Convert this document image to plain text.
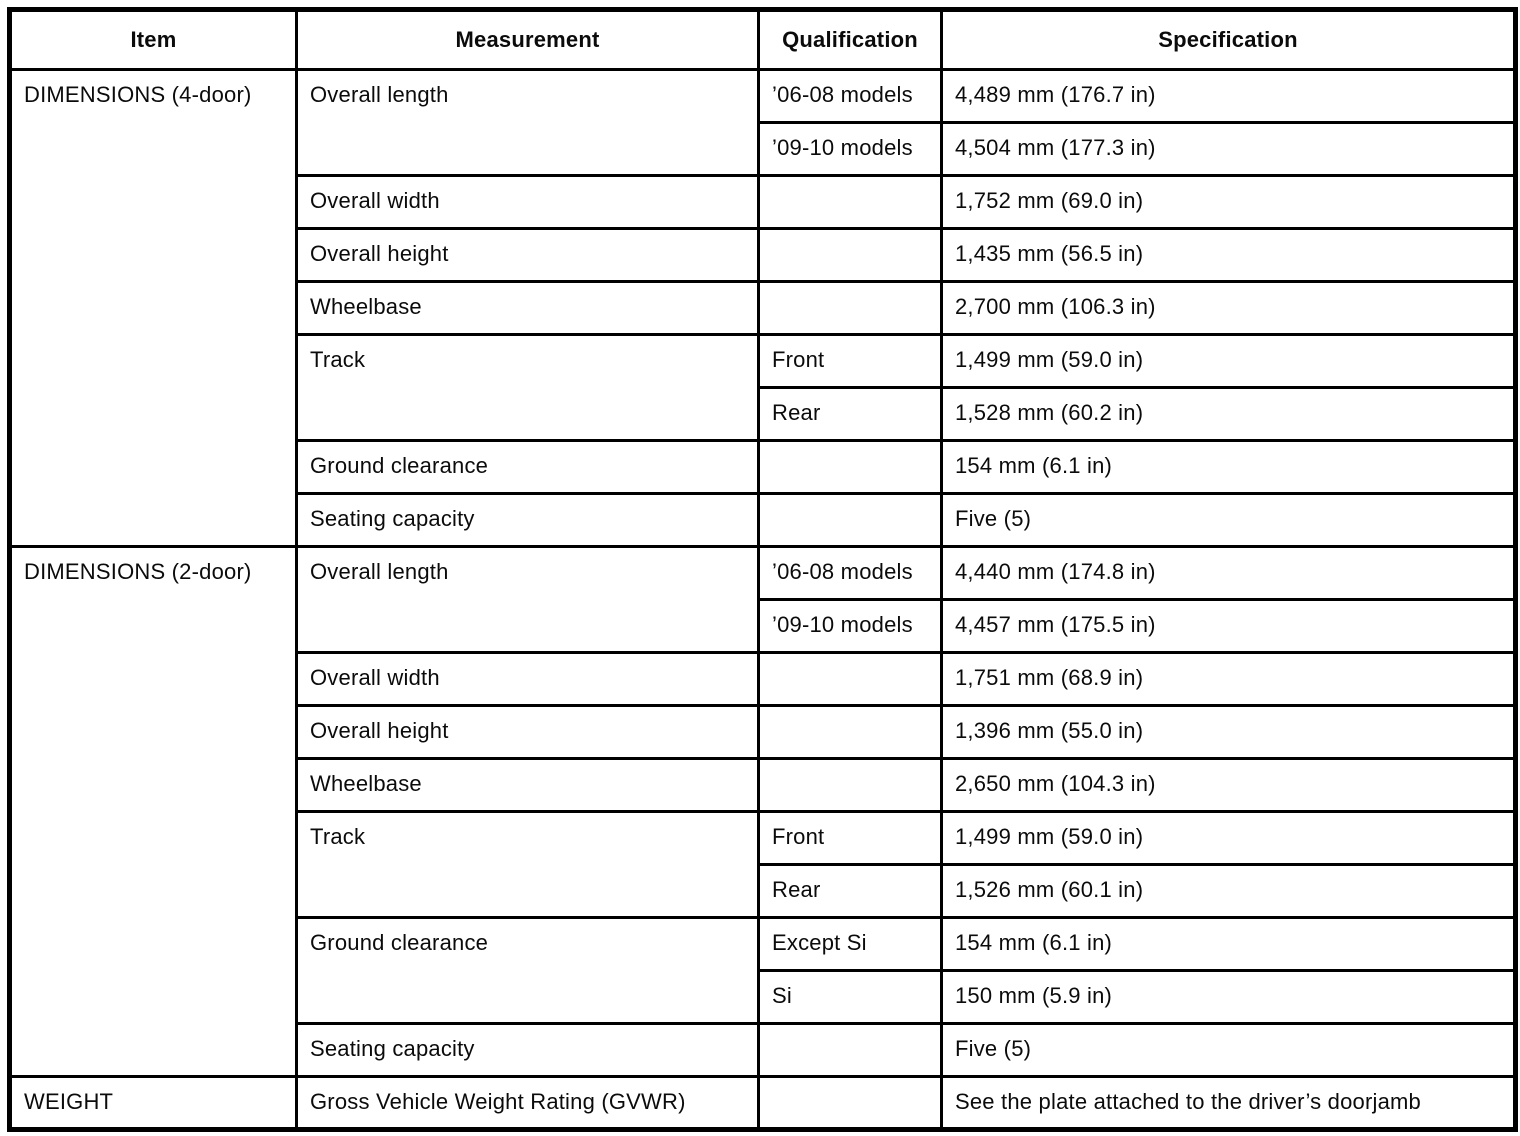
Item	Measurement	Qualification	Specification
DIMENSIONS (4-door)	Overall length	’06-08 models	4,489 mm (176.7 in)
		’09-10 models	4,504 mm (177.3 in)
	Overall width		1,752 mm (69.0 in)
	Overall height		1,435 mm (56.5 in)
	Wheelbase		2,700 mm (106.3 in)
	Track	Front	1,499 mm (59.0 in)
		Rear	1,528 mm (60.2 in)
	Ground clearance		154 mm (6.1 in)
	Seating capacity		Five (5)
DIMENSIONS (2-door)	Overall length	’06-08 models	4,440 mm (174.8 in)
		’09-10 models	4,457 mm (175.5 in)
	Overall width		1,751 mm (68.9 in)
	Overall height		1,396 mm (55.0 in)
	Wheelbase		2,650 mm (104.3 in)
	Track	Front	1,499 mm (59.0 in)
		Rear	1,526 mm (60.1 in)
	Ground clearance	Except Si	154 mm (6.1 in)
		Si	150 mm (5.9 in)
	Seating capacity		Five (5)
WEIGHT	Gross Vehicle Weight Rating (GVWR)		See the plate attached to the driver’s doorjamb
